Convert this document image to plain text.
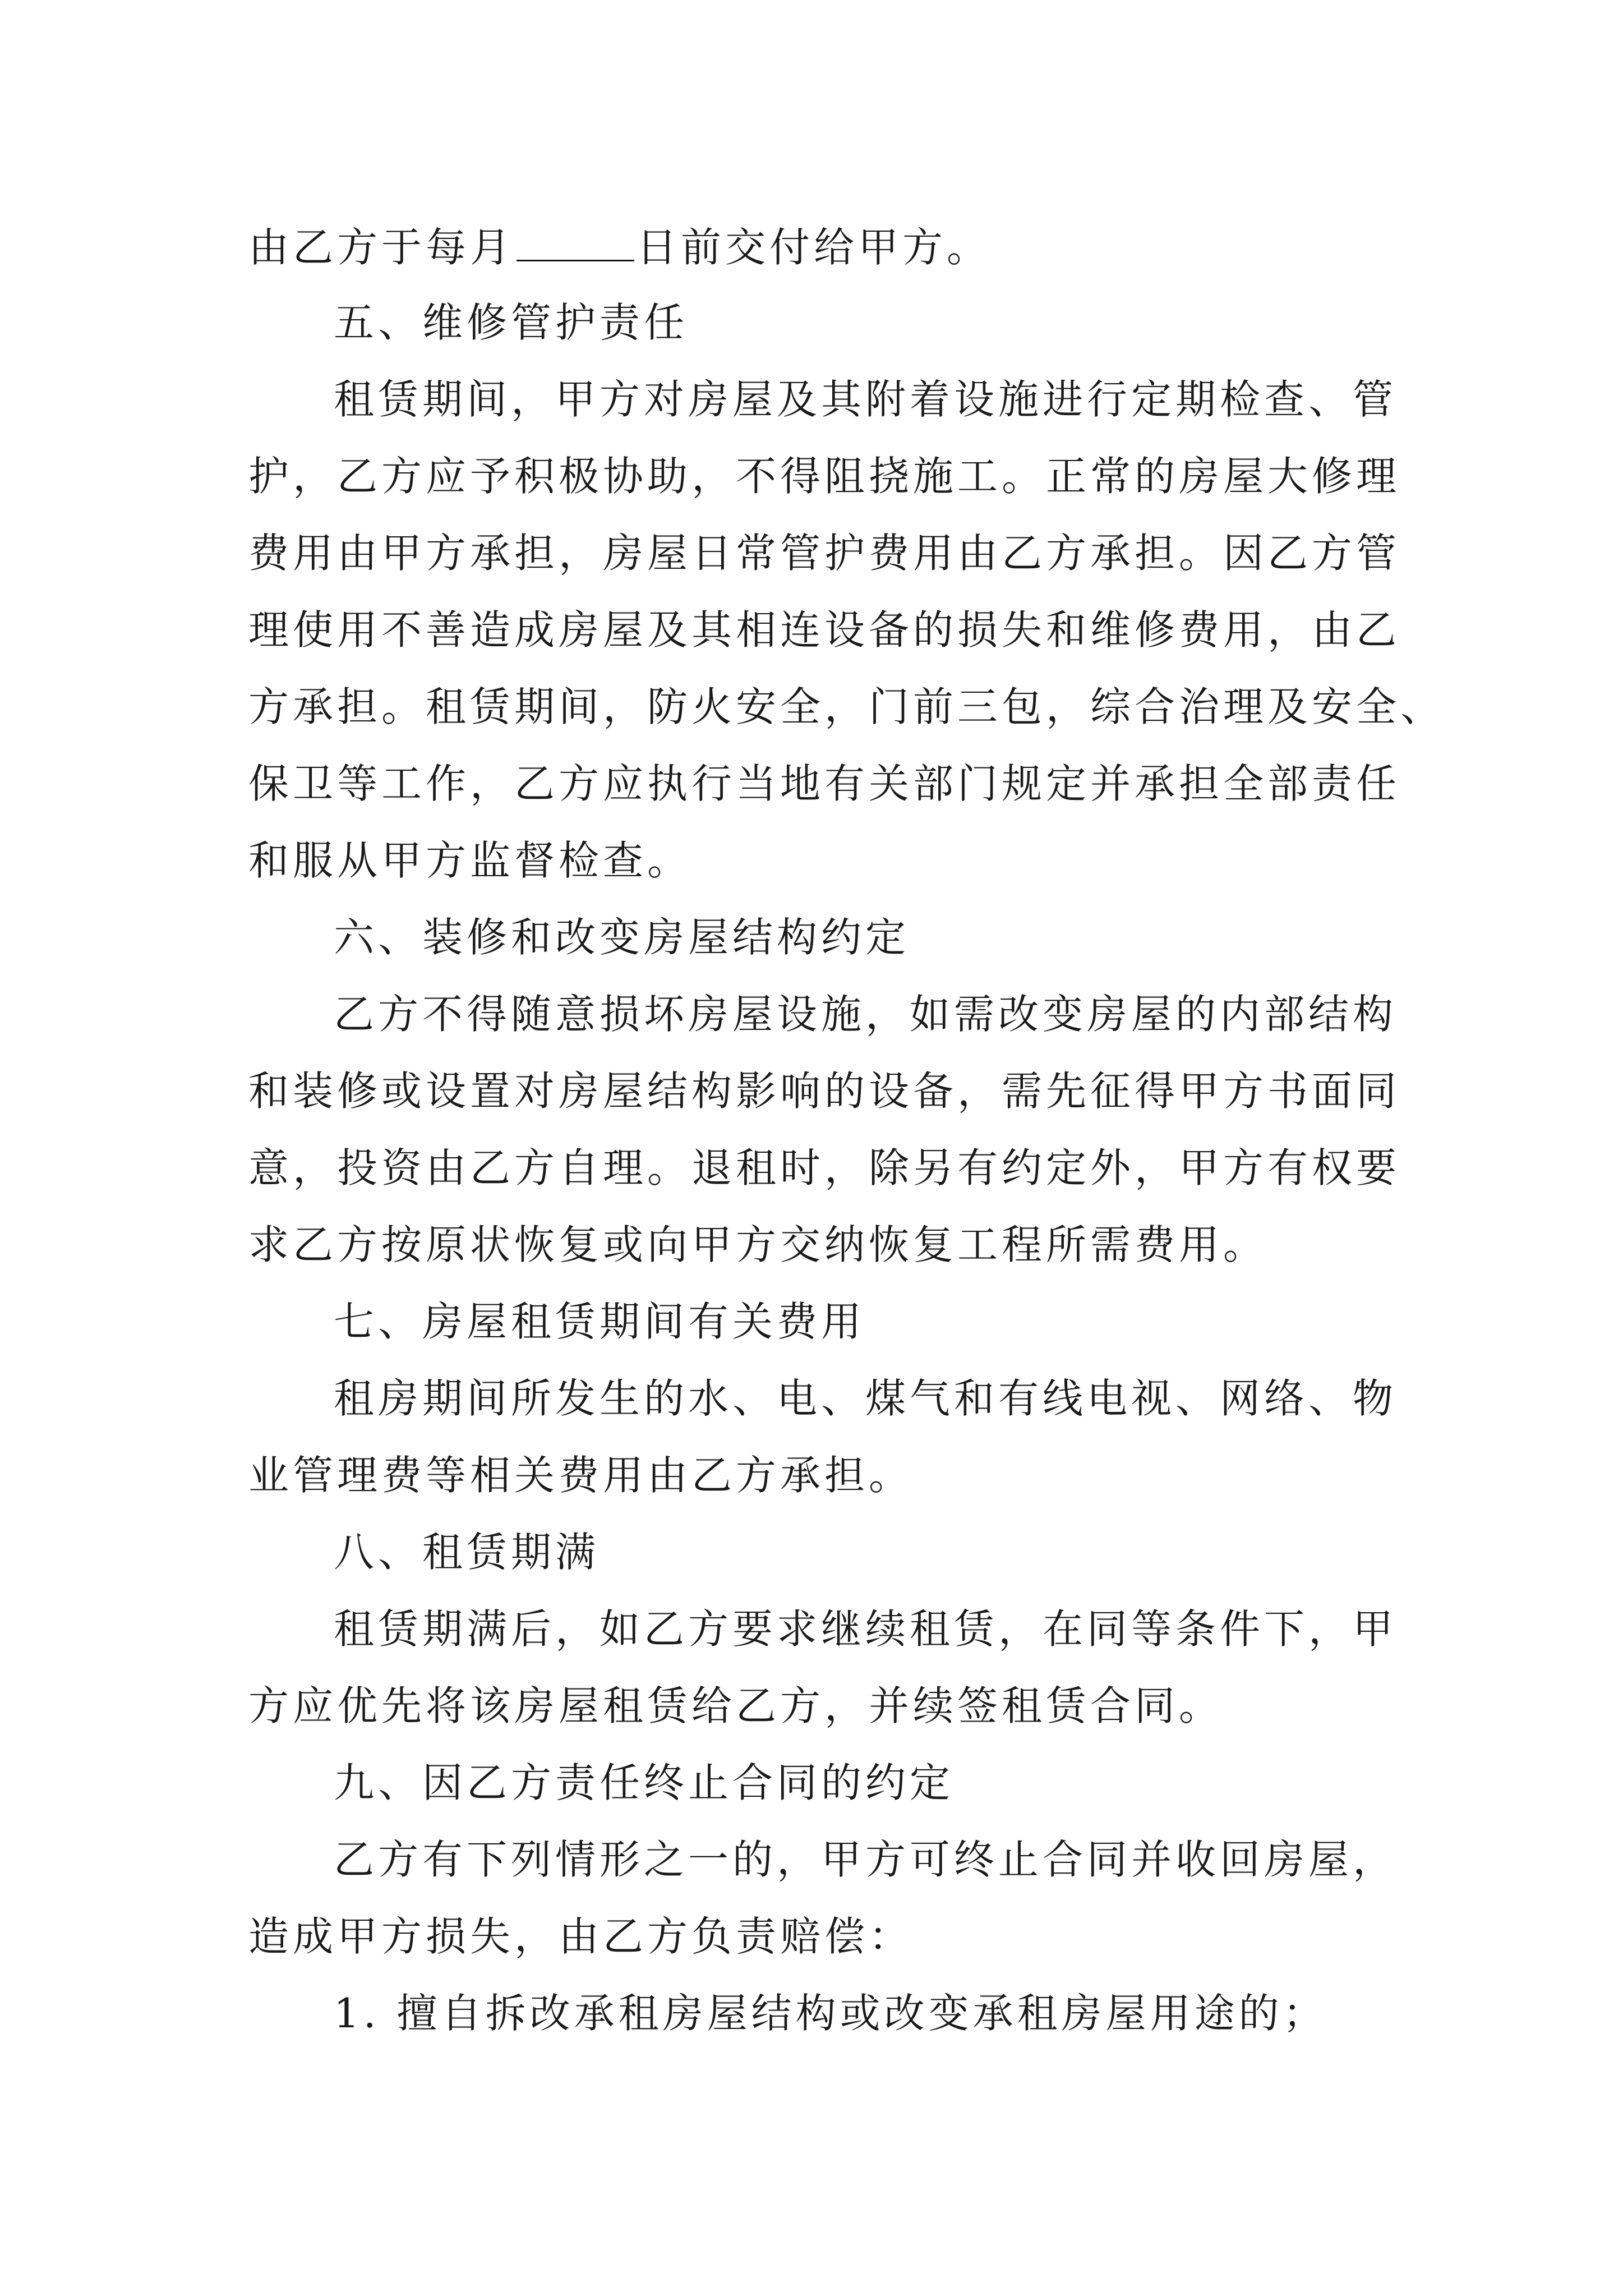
由乙方于每月	日前交付给甲方。
五、维修管护责任
租赁期间，甲方对房屋及其附着设施进行定期检查、管
护，乙方应予积极协助，不得阻挠施工。正常的房屋大修理
费用由甲方承担，房屋日常管护费用由乙方承担。因乙方管
理使用不善造成房屋及其相连设备的损失和维修费用，由乙
方承担。租赁期间，防火安全，门前三包，综合治理及安全、
保卫等工作，乙方应执行当地有关部门规定并承担全部责任
和服从甲方监督检查。
六、装修和改变房屋结构约定
乙方不得随意损坏房屋设施，如需改变房屋的内部结构
和装修或设置对房屋结构影响的设备，需先征得甲方书面同
意，投资由乙方自理。退租时，除另有约定外，甲方有权要
求乙方按原状恢复或向甲方交纳恢复工程所需费用。
七、房屋租赁期间有关费用
租房期间所发生的水、电、煤气和有线电视、网络、物
业管理费等相关费用由乙方承担。
八、租赁期满
租赁期满后，如乙方要求继续租赁，在同等条件下，甲
方应优先将该房屋租赁给乙方，并续签租赁合同。
九、因乙方责任终止合同的约定
乙方有下列情形之一的，甲方可终止合同并收回房屋，
造成甲方损失，由乙方负责赔偿：
1. 擅自拆改承租房屋结构或改变承租房屋用途的；
